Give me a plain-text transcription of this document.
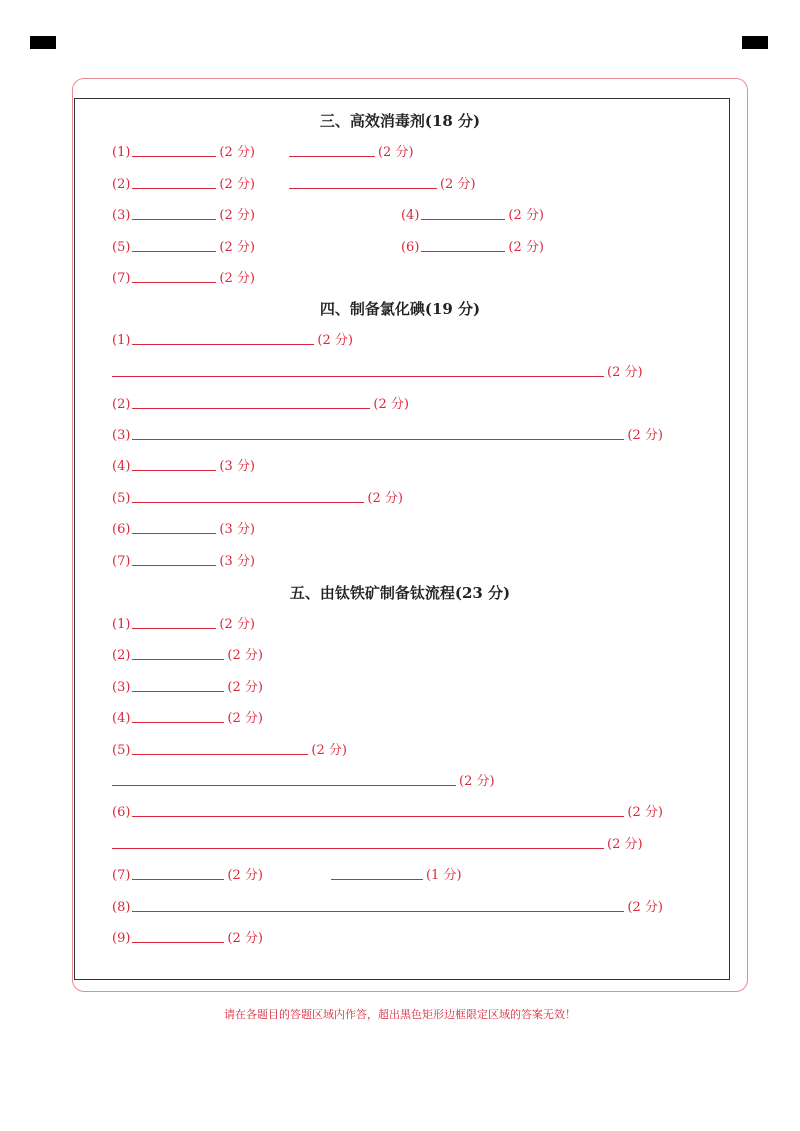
三、高效消毒剂(18 分)
(1)	(2 分)	(2 分)
(2)	(2 分)	(2 分)
(3)	(2 分)	(4)	(2 分)
(5)	(2 分)	(6)	(2 分)
(7)	(2 分)
四、制备氯化碘(19 分)
(1)	(2 分)
(2 分)
(2)	(2 分)
(3)	(2 分)
(4)	(3 分)
(5)	(2 分)
(6)	(3 分)
(7)	(3 分)
五、由钛铁矿制备钛流程(23 分)
(1)	(2 分)
(2)	(2 分)
(3)	(2 分)
(4)	(2 分)
(5)	(2 分)
(2 分)
(6)	(2 分)
(2 分)
(7)	(2 分)	(1 分)
(8)	(2 分)
(9)	(2 分)
请在各题目的答题区域内作答，超出黑色矩形边框限定区域的答案无效！
